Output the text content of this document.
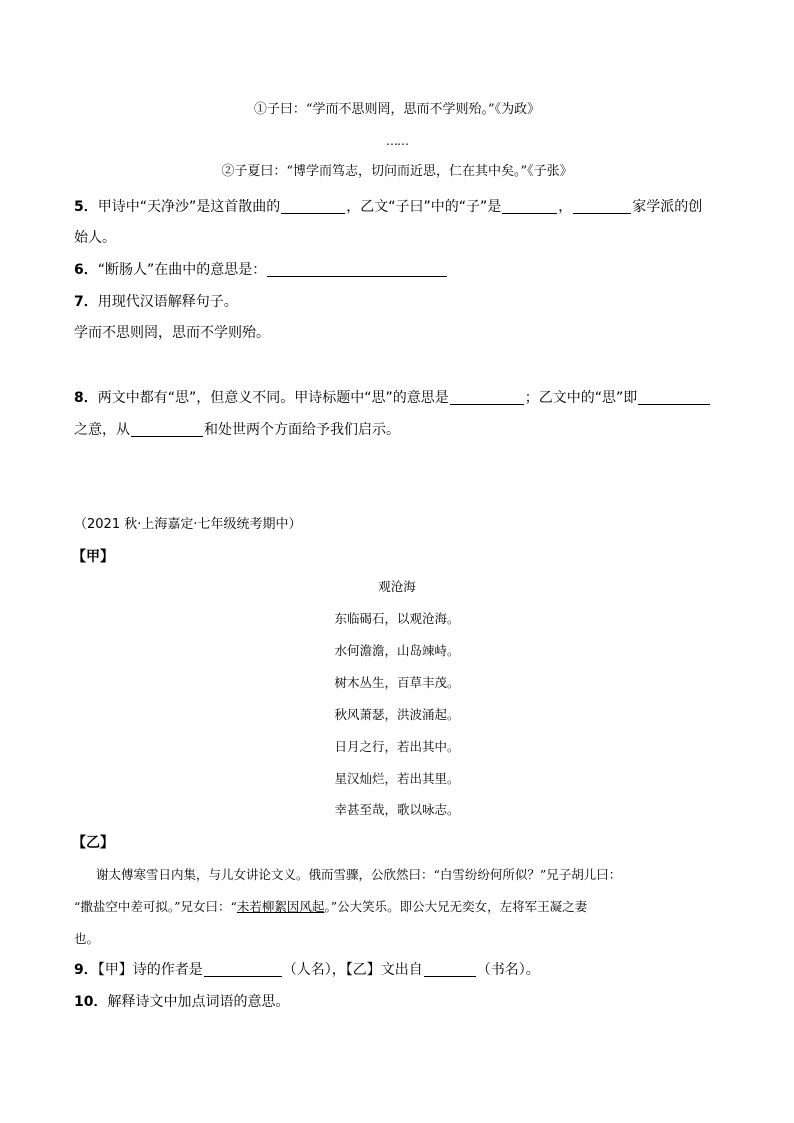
①子曰：“学而不思则罔，思而不学则殆。”《为政》
……
②子夏曰：“博学而笃志，切问而近思，仁在其中矣。”《子张》
5．甲诗中“天净沙”是这首散曲的	，乙文“子曰”中的“子”是	，	家学派的创
始人。
6．“断肠人”在曲中的意思是：
7．用现代汉语解释句子。
学而不思则罔，思而不学则殆。
8．两文中都有“思”，但意义不同。甲诗标题中“思”的意思是	；乙文中的“思”即
之意，从	和处世两个方面给予我们启示。
（2021 秋·上海嘉定·七年级统考期中）
【甲】
观沧海
东临碣石，以观沧海。
水何澹澹，山岛竦峙。
树木丛生，百草丰茂。
秋风萧瑟，洪波涌起。
日月之行，若出其中。
星汉灿烂，若出其里。
幸甚至哉，歌以咏志。
【乙】
谢太傅寒雪日内集，与儿女讲论文义。俄而雪骤，公欣然曰：“白雪纷纷何所似？”兄子胡儿曰：
“撒盐空中差可拟。”兄女曰：“未若柳絮因风起。”公大笑乐。即公大兄无奕女，左将军王凝之妻
也。
9．【甲】诗的作者是	（人名），【乙】文出自	（书名）。
10．解释诗文中加点词语的意思。
